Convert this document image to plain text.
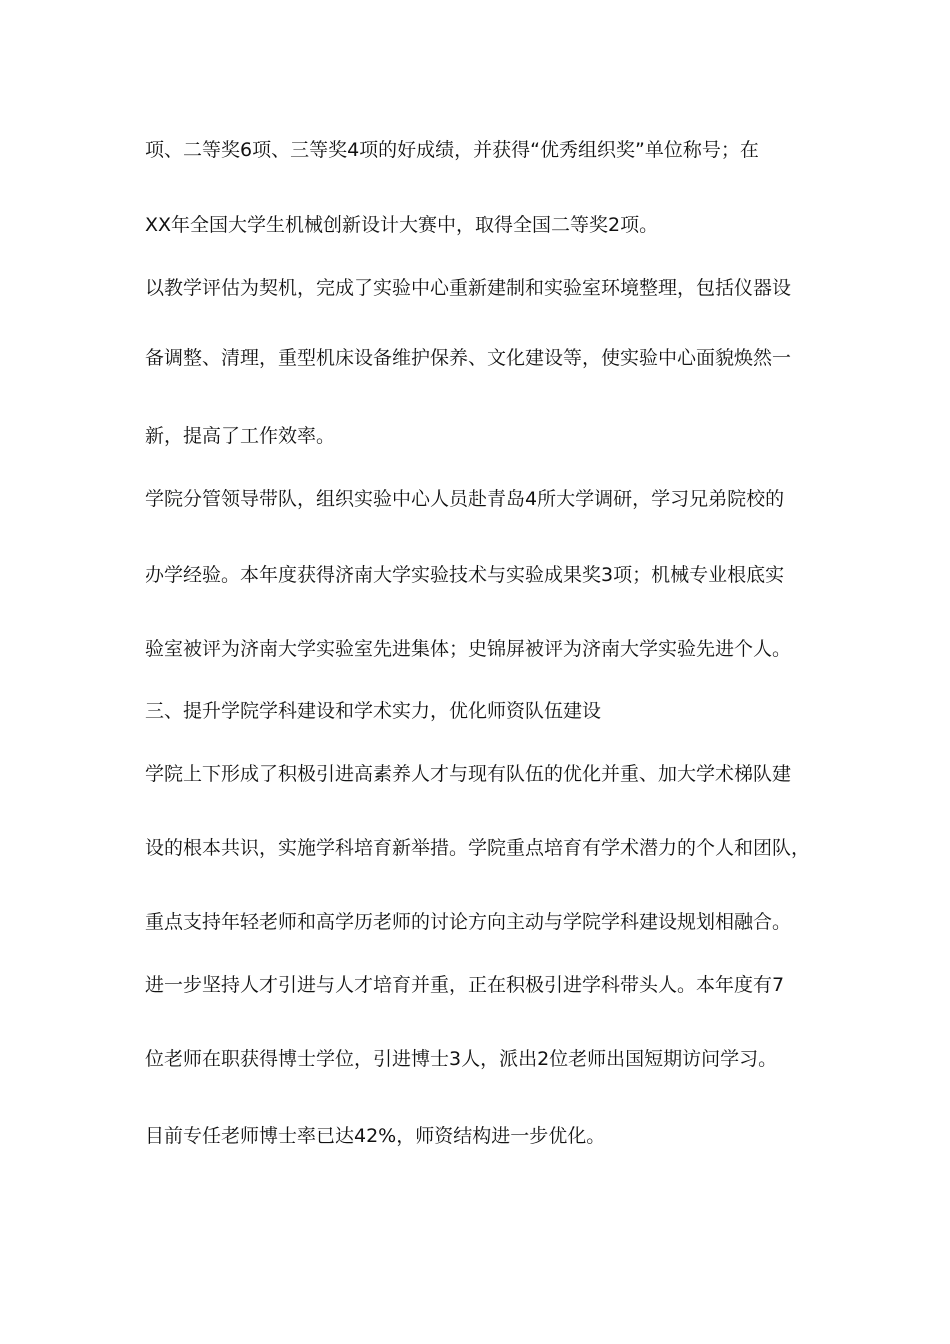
项、二等奖6项、三等奖4项的好成绩，并获得“优秀组织奖”单位称号；在
XX年全国大学生机械创新设计大赛中，取得全国二等奖2项。
以教学评估为契机，完成了实验中心重新建制和实验室环境整理，包括仪器设
备调整、清理，重型机床设备维护保养、文化建设等，使实验中心面貌焕然一
新，提高了工作效率。
学院分管领导带队，组织实验中心人员赴青岛4所大学调研，学习兄弟院校的
办学经验。本年度获得济南大学实验技术与实验成果奖3项；机械专业根底实
验室被评为济南大学实验室先进集体；史锦屏被评为济南大学实验先进个人。
三、提升学院学科建设和学术实力，优化师资队伍建设
学院上下形成了积极引进高素养人才与现有队伍的优化并重、加大学术梯队建
设的根本共识，实施学科培育新举措。学院重点培育有学术潜力的个人和团队，
重点支持年轻老师和高学历老师的讨论方向主动与学院学科建设规划相融合。
进一步坚持人才引进与人才培育并重，正在积极引进学科带头人。本年度有7
位老师在职获得博士学位，引进博士3人，派出2位老师出国短期访问学习。
目前专任老师博士率已达42%，师资结构进一步优化。
